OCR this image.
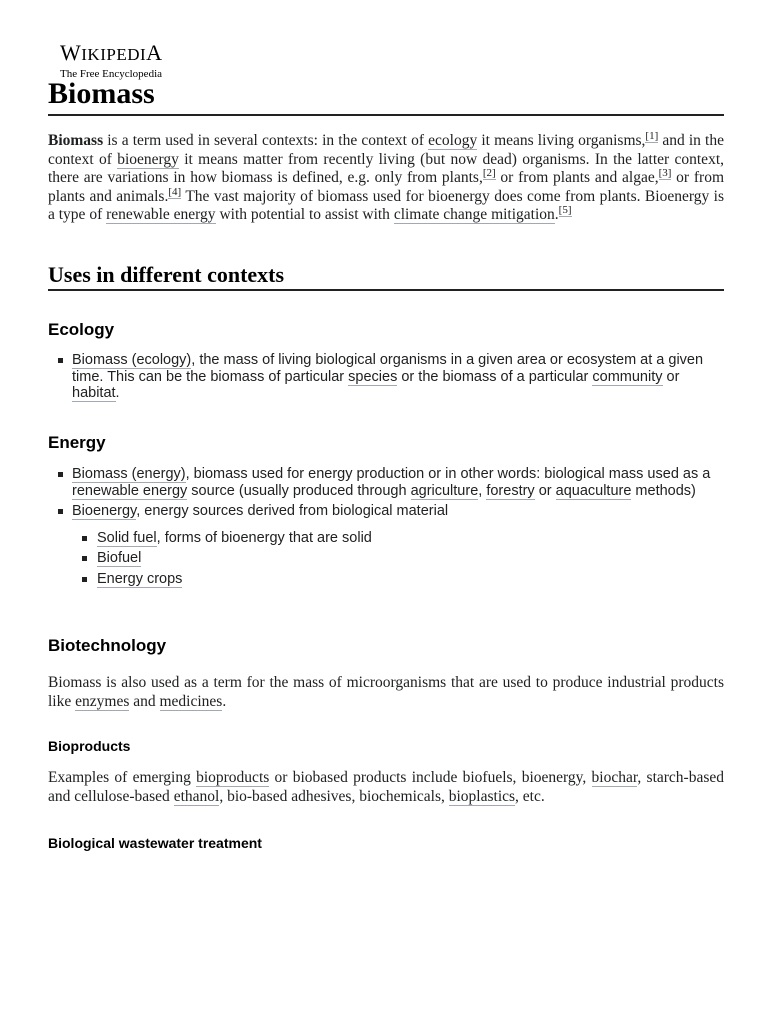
WIKIPEDIA
The Free Encyclopedia
Biomass

Biomass is a term used in several contexts: in the context of ecology it means living organisms,[1] and in the context of bioenergy it means matter from recently living (but now dead) organisms. In the latter context, there are variations in how biomass is defined, e.g. only from plants,[2] or from plants and algae,[3] or from plants and animals.[4] The vast majority of biomass used for bioenergy does come from plants. Bioenergy is a type of renewable energy with potential to assist with climate change mitigation.[5]

Uses in different contexts
Ecology
Biomass (ecology), the mass of living biological organisms in a given area or ecosystem at a given time. This can be the biomass of particular species or the biomass of a particular community or habitat.
Energy
Biomass (energy), biomass used for energy production or in other words: biological mass used as a renewable energy source (usually produced through agriculture, forestry or aquaculture methods)
Bioenergy, energy sources derived from biological material
Solid fuel, forms of bioenergy that are solid
Biofuel
Energy crops
Biotechnology

Biomass is also used as a term for the mass of microorganisms that are used to produce industrial products like enzymes and medicines.

Bioproducts

Examples of emerging bioproducts or biobased products include biofuels, bioenergy, biochar, starch-based and cellulose-based ethanol, bio-based adhesives, biochemicals, bioplastics, etc.

Biological wastewater treatment
